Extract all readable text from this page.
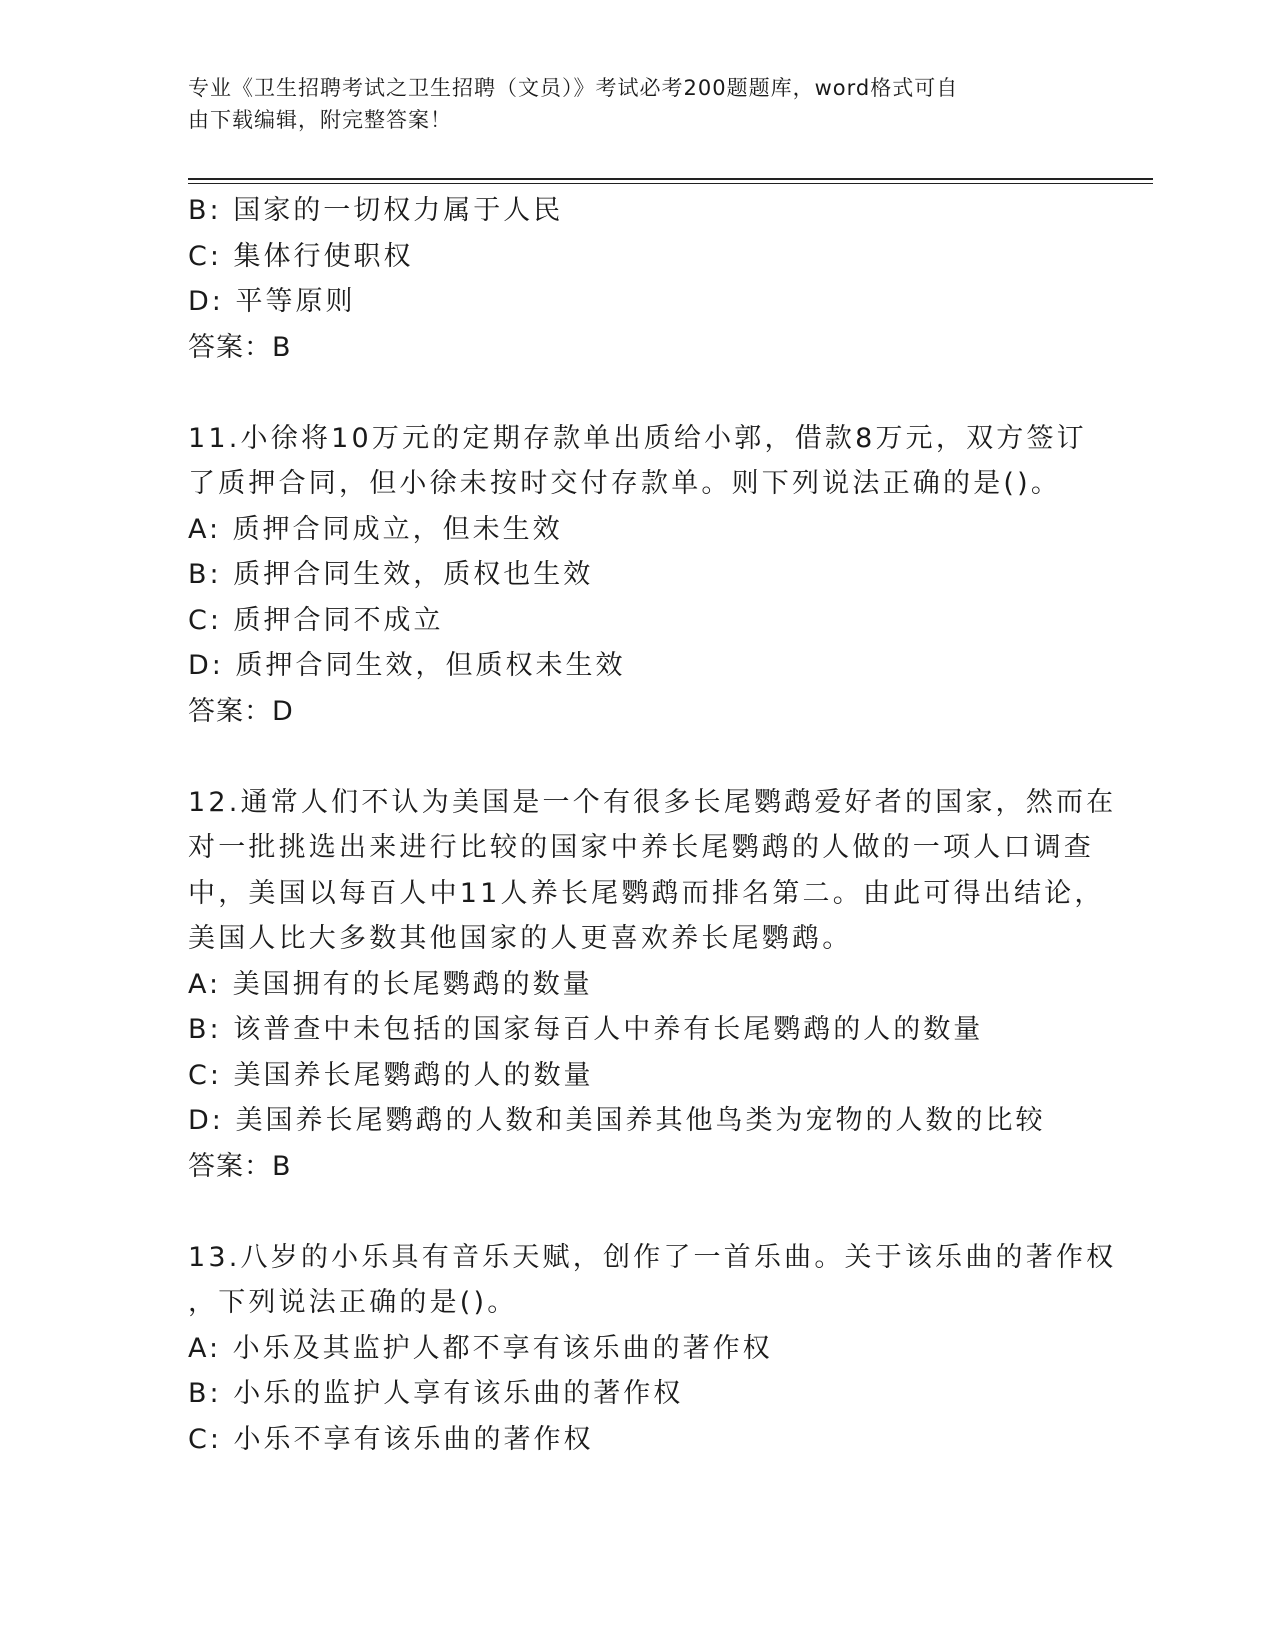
专业《卫生招聘考试之卫生招聘（文员）》考试必考200题题库，word格式可自
由下载编辑，附完整答案！
B: 国家的一切权力属于人民
C: 集体行使职权
D: 平等原则
答案：B
11.小徐将10万元的定期存款单出质给小郭，借款8万元，双方签订
了质押合同，但小徐未按时交付存款单。则下列说法正确的是()。
A: 质押合同成立，但未生效
B: 质押合同生效，质权也生效
C: 质押合同不成立
D: 质押合同生效，但质权未生效
答案：D
12.通常人们不认为美国是一个有很多长尾鹦鹉爱好者的国家，然而在
对一批挑选出来进行比较的国家中养长尾鹦鹉的人做的一项人口调查
中，美国以每百人中11人养长尾鹦鹉而排名第二。由此可得出结论，
美国人比大多数其他国家的人更喜欢养长尾鹦鹉。
A: 美国拥有的长尾鹦鹉的数量
B: 该普查中未包括的国家每百人中养有长尾鹦鹉的人的数量
C: 美国养长尾鹦鹉的人的数量
D: 美国养长尾鹦鹉的人数和美国养其他鸟类为宠物的人数的比较
答案：B
13.八岁的小乐具有音乐天赋，创作了一首乐曲。关于该乐曲的著作权
，下列说法正确的是()。
A: 小乐及其监护人都不享有该乐曲的著作权
B: 小乐的监护人享有该乐曲的著作权
C: 小乐不享有该乐曲的著作权
